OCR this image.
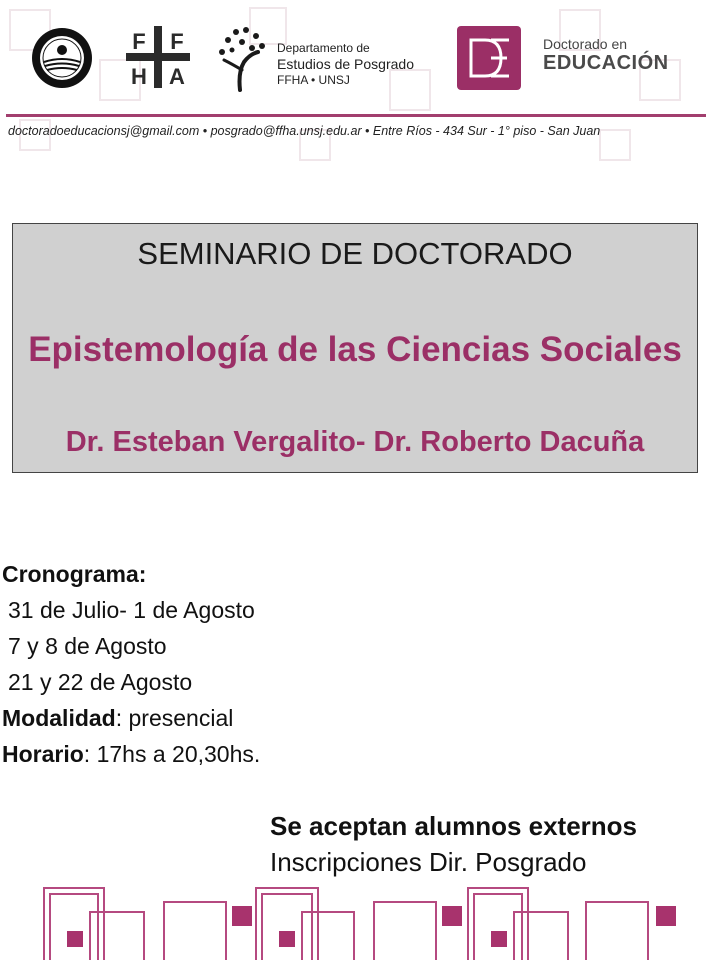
F F
H A
Departamento de
Estudios de Posgrado
FFHA • UNSJ
Doctorado en
EDUCACIÓN
doctoradoeducacionsj@gmail.com • posgrado@ffha.unsj.edu.ar • Entre Ríos - 434 Sur - 1° piso - San Juan
SEMINARIO DE DOCTORADO
Epistemología de las Ciencias Sociales
Dr. Esteban Vergalito- Dr. Roberto Dacuña
Cronograma:
31 de Julio- 1 de Agosto
7 y 8 de Agosto
21 y 22 de Agosto
Modalidad: presencial
Horario: 17hs a 20,30hs.
Se aceptan alumnos externos
Inscripciones Dir. Posgrado
